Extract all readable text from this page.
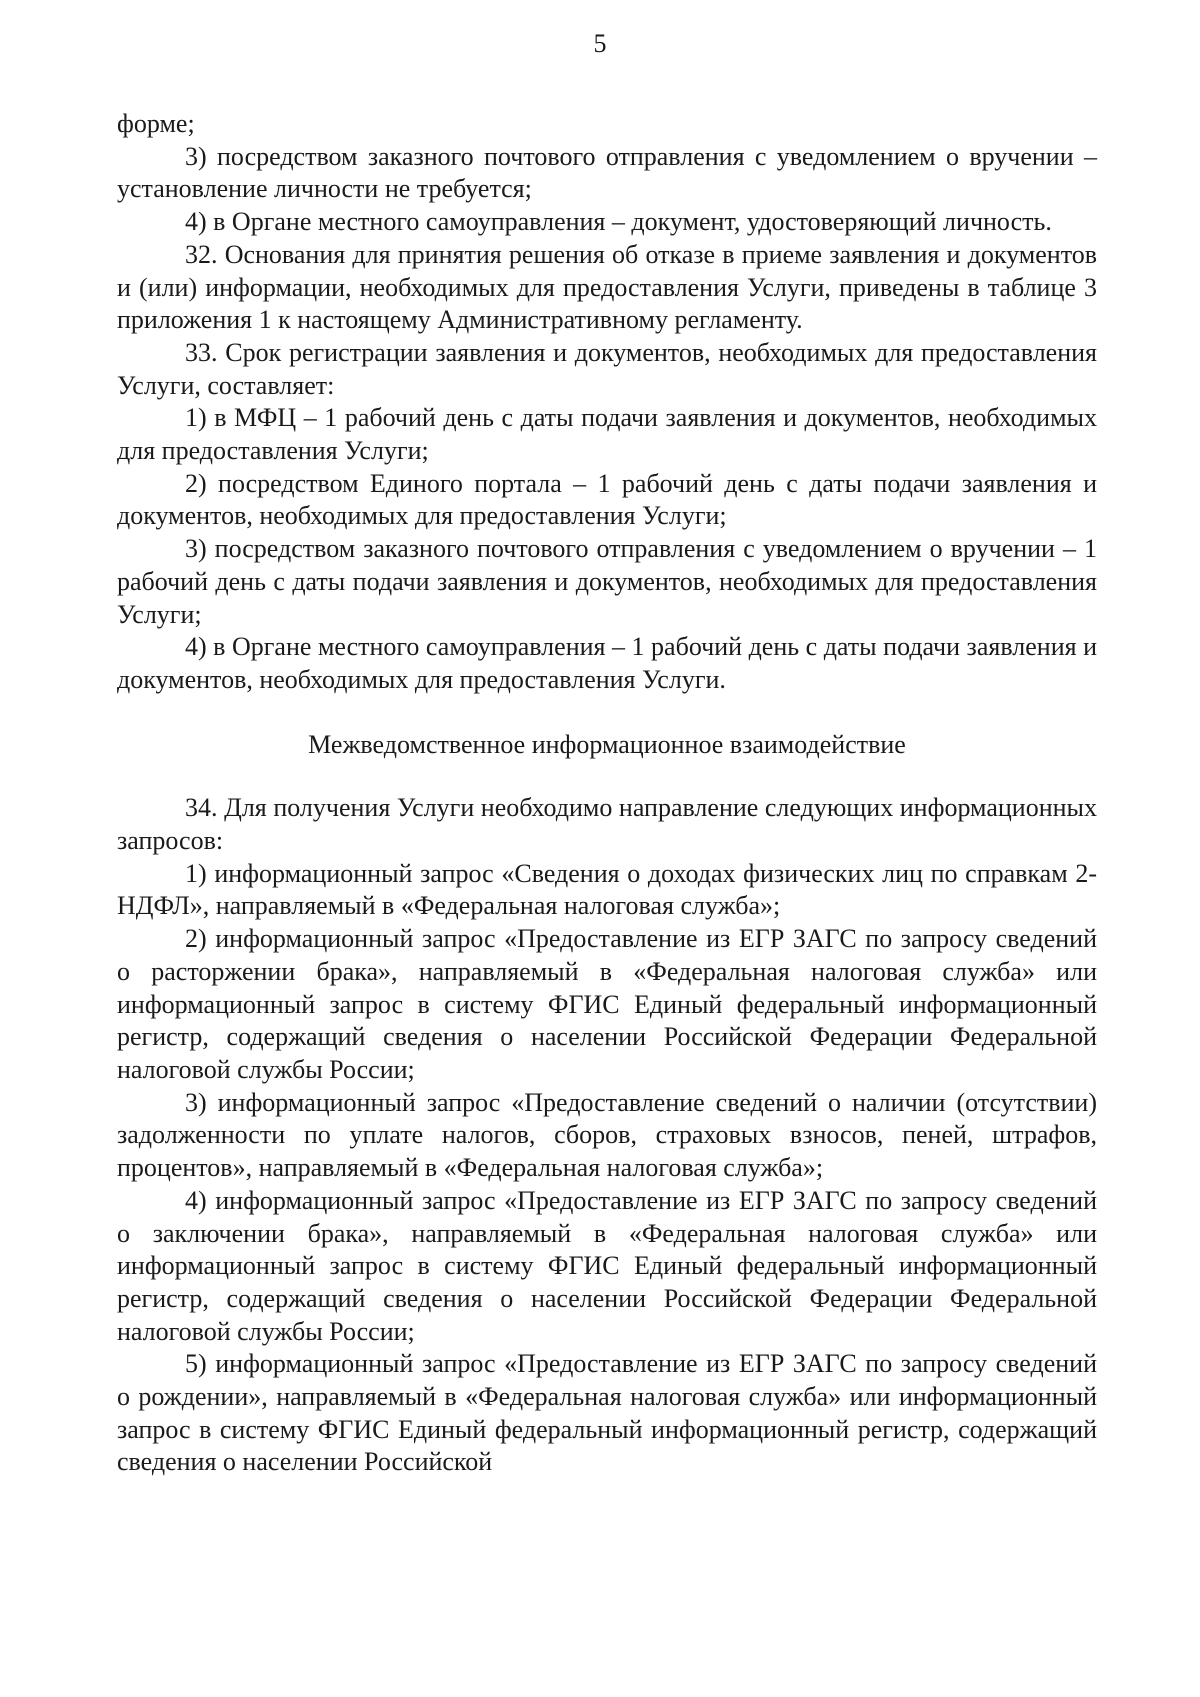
5

форме;

3) посредством заказного почтового отправления с уведомлением о вручении – установление личности не требуется;

4) в Органе местного самоуправления – документ, удостоверяющий личность.

32. Основания для принятия решения об отказе в приеме заявления и документов и (или) информации, необходимых для предоставления Услуги, приведены в таблице 3 приложения 1 к настоящему Административному регламенту.

33. Срок регистрации заявления и документов, необходимых для предоставления Услуги, составляет:

1) в МФЦ – 1 рабочий день с даты подачи заявления и документов, необходимых для предоставления Услуги;

2) посредством Единого портала – 1 рабочий день с даты подачи заявления и документов, необходимых для предоставления Услуги;

3) посредством заказного почтового отправления с уведомлением о вручении – 1 рабочий день с даты подачи заявления и документов, необходимых для предоставления Услуги;

4) в Органе местного самоуправления – 1 рабочий день с даты подачи заявления и документов, необходимых для предоставления Услуги.

Межведомственное информационное взаимодействие

34. Для получения Услуги необходимо направление следующих информационных запросов:

1) информационный запрос «Сведения о доходах физических лиц по справкам 2-НДФЛ», направляемый в «Федеральная налоговая служба»;

2) информационный запрос «Предоставление из ЕГР ЗАГС по запросу сведений о расторжении брака», направляемый в «Федеральная налоговая служба» или информационный запрос в систему ФГИС Единый федеральный информационный регистр, содержащий сведения о населении Российской Федерации Федеральной налоговой службы России;

3) информационный запрос «Предоставление сведений о наличии (отсутствии) задолженности по уплате налогов, сборов, страховых взносов, пеней, штрафов, процентов», направляемый в «Федеральная налоговая служба»;

4) информационный запрос «Предоставление из ЕГР ЗАГС по запросу сведений о заключении брака», направляемый в «Федеральная налоговая служба» или информационный запрос в систему ФГИС Единый федеральный информационный регистр, содержащий сведения о населении Российской Федерации Федеральной налоговой службы России;

5) информационный запрос «Предоставление из ЕГР ЗАГС по запросу сведений о рождении», направляемый в «Федеральная налоговая служба» или информационный запрос в систему ФГИС Единый федеральный информационный регистр, содержащий сведения о населении Российской
